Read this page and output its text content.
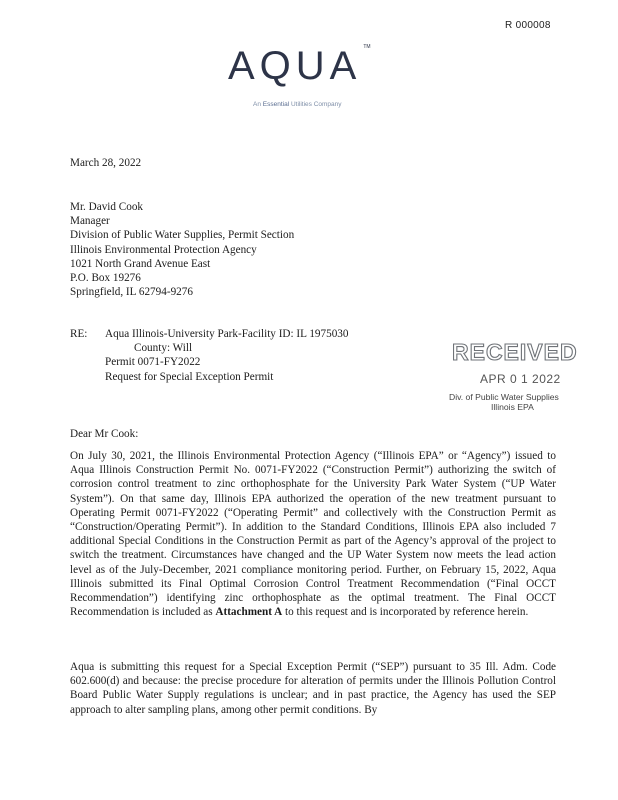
R 000008
AQUA ™
An Essential Utilities Company
March 28, 2022
Mr. David Cook
Manager
Division of Public Water Supplies, Permit Section
Illinois Environmental Protection Agency
1021 North Grand Avenue East
P.O. Box 19276
Springfield, IL 62794-9276
RE: Aqua Illinois-University Park-Facility ID: IL 1975030
County: Will
Permit 0071-FY2022
Request for Special Exception Permit
RECEIVED
APR 0 1 2022
Div. of Public Water Supplies
Illinois EPA
Dear Mr Cook:

On July 30, 2021, the Illinois Environmental Protection Agency (“Illinois EPA” or “Agency”) issued to Aqua Illinois Construction Permit No. 0071-FY2022 (“Construction Permit”) authorizing the switch of corrosion control treatment to zinc orthophosphate for the University Park Water System (“UP Water System”). On that same day, Illinois EPA authorized the operation of the new treatment pursuant to Operating Permit 0071-FY2022 (“Operating Permit” and collectively with the Construction Permit as “Construction/Operating Permit”). In addition to the Standard Conditions, Illinois EPA also included 7 additional Special Conditions in the Construction Permit as part of the Agency’s approval of the project to switch the treatment. Circumstances have changed and the UP Water System now meets the lead action level as of the July-December, 2021 compliance monitoring period. Further, on February 15, 2022, Aqua Illinois submitted its Final Optimal Corrosion Control Treatment Recommendation (“Final OCCT Recommendation”) identifying zinc orthophosphate as the optimal treatment. The Final OCCT Recommendation is included as Attachment A to this request and is incorporated by reference herein.

Aqua is submitting this request for a Special Exception Permit (“SEP”) pursuant to 35 Ill. Adm. Code 602.600(d) and because: the precise procedure for alteration of permits under the Illinois Pollution Control Board Public Water Supply regulations is unclear; and in past practice, the Agency has used the SEP approach to alter sampling plans, among other permit conditions. By
